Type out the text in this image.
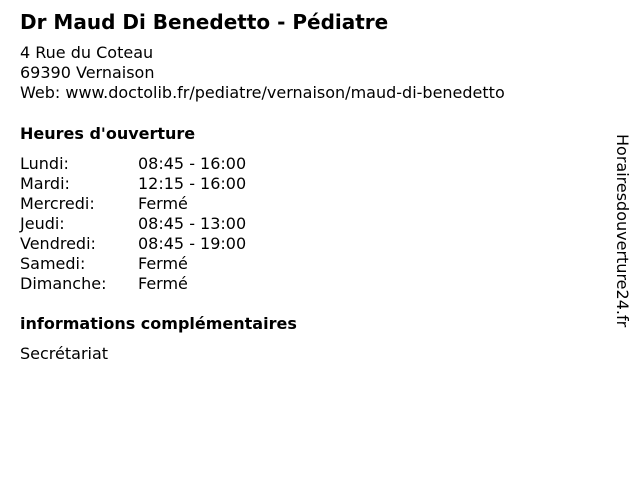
Dr Maud Di Benedetto - Pédiatre
4 Rue du Coteau
69390 Vernaison
Web: www.doctolib.fr/pediatre/vernaison/maud-di-benedetto
Heures d'ouverture
Lundi:	08:45 - 16:00
Mardi:	12:15 - 16:00
Mercredi:	Fermé
Jeudi:	08:45 - 13:00
Vendredi:	08:45 - 19:00
Samedi:	Fermé
Dimanche: Fermé
informations complémentaires
Secrétariat
Horairesdouverture24.fr
